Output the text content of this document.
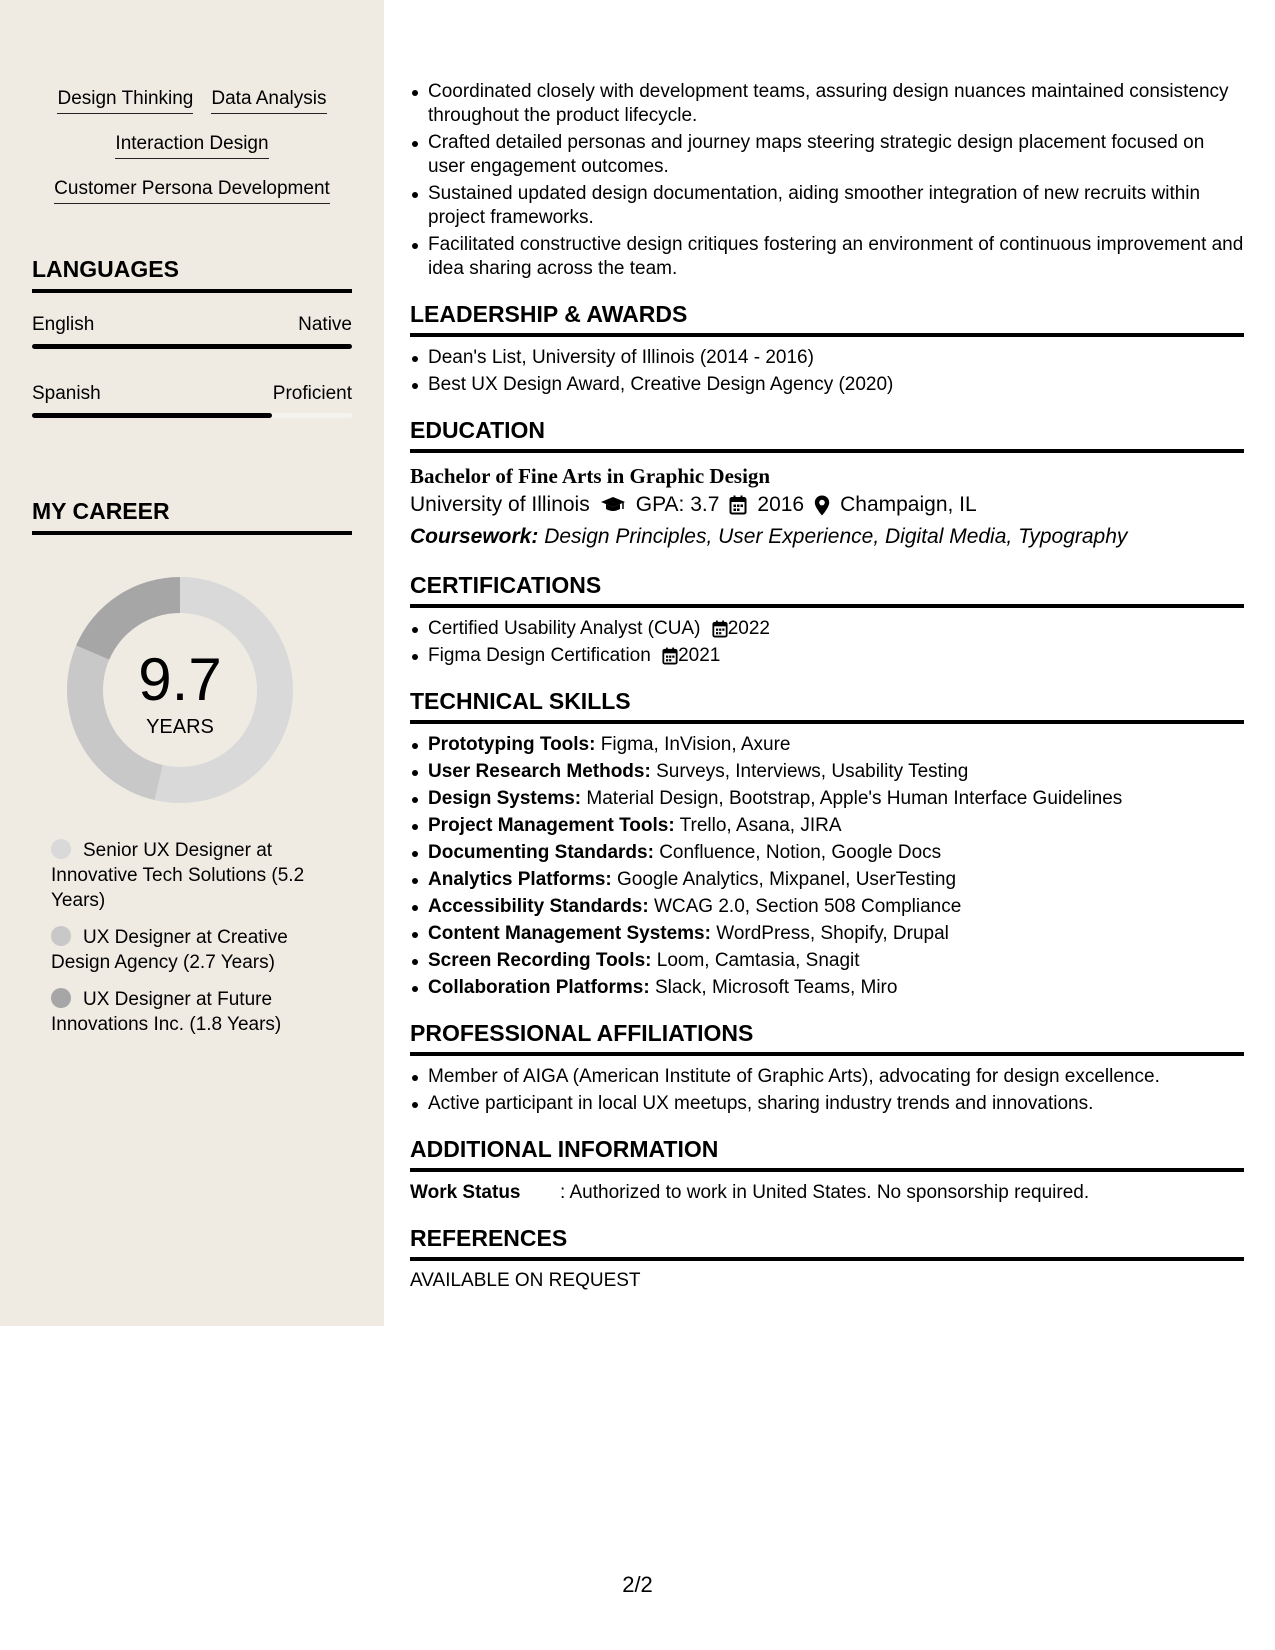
Design Thinking Data Analysis
Interaction Design
Customer Persona Development
LANGUAGES
English	Native
Spanish	Proficient
MY CAREER
9.7
YEARS
Senior UX Designer at Innovative Tech Solutions (5.2 Years)
UX Designer at Creative Design Agency (2.7 Years)
UX Designer at Future Innovations Inc. (1.8 Years)
Coordinated closely with development teams, assuring design nuances maintained consistency throughout the product lifecycle.
Crafted detailed personas and journey maps steering strategic design placement focused on user engagement outcomes.
Sustained updated design documentation, aiding smoother integration of new recruits within project frameworks.
Facilitated constructive design critiques fostering an environment of continuous improvement and idea sharing across the team.
LEADERSHIP & AWARDS
Dean's List, University of Illinois (2014 - 2016)
Best UX Design Award, Creative Design Agency (2020)
EDUCATION
Bachelor of Fine Arts in Graphic Design
University of Illinois GPA: 3.7 2016 Champaign, IL
Coursework: Design Principles, User Experience, Digital Media, Typography
CERTIFICATIONS
Certified Usability Analyst (CUA) 2022
Figma Design Certification 2021
TECHNICAL SKILLS
Prototyping Tools: Figma, InVision, Axure
User Research Methods: Surveys, Interviews, Usability Testing
Design Systems: Material Design, Bootstrap, Apple's Human Interface Guidelines
Project Management Tools: Trello, Asana, JIRA
Documenting Standards: Confluence, Notion, Google Docs
Analytics Platforms: Google Analytics, Mixpanel, UserTesting
Accessibility Standards: WCAG 2.0, Section 508 Compliance
Content Management Systems: WordPress, Shopify, Drupal
Screen Recording Tools: Loom, Camtasia, Snagit
Collaboration Platforms: Slack, Microsoft Teams, Miro
PROFESSIONAL AFFILIATIONS
Member of AIGA (American Institute of Graphic Arts), advocating for design excellence.
Active participant in local UX meetups, sharing industry trends and innovations.
ADDITIONAL INFORMATION
Work Status	: Authorized to work in United States. No sponsorship required.
REFERENCES
AVAILABLE ON REQUEST
2/2
